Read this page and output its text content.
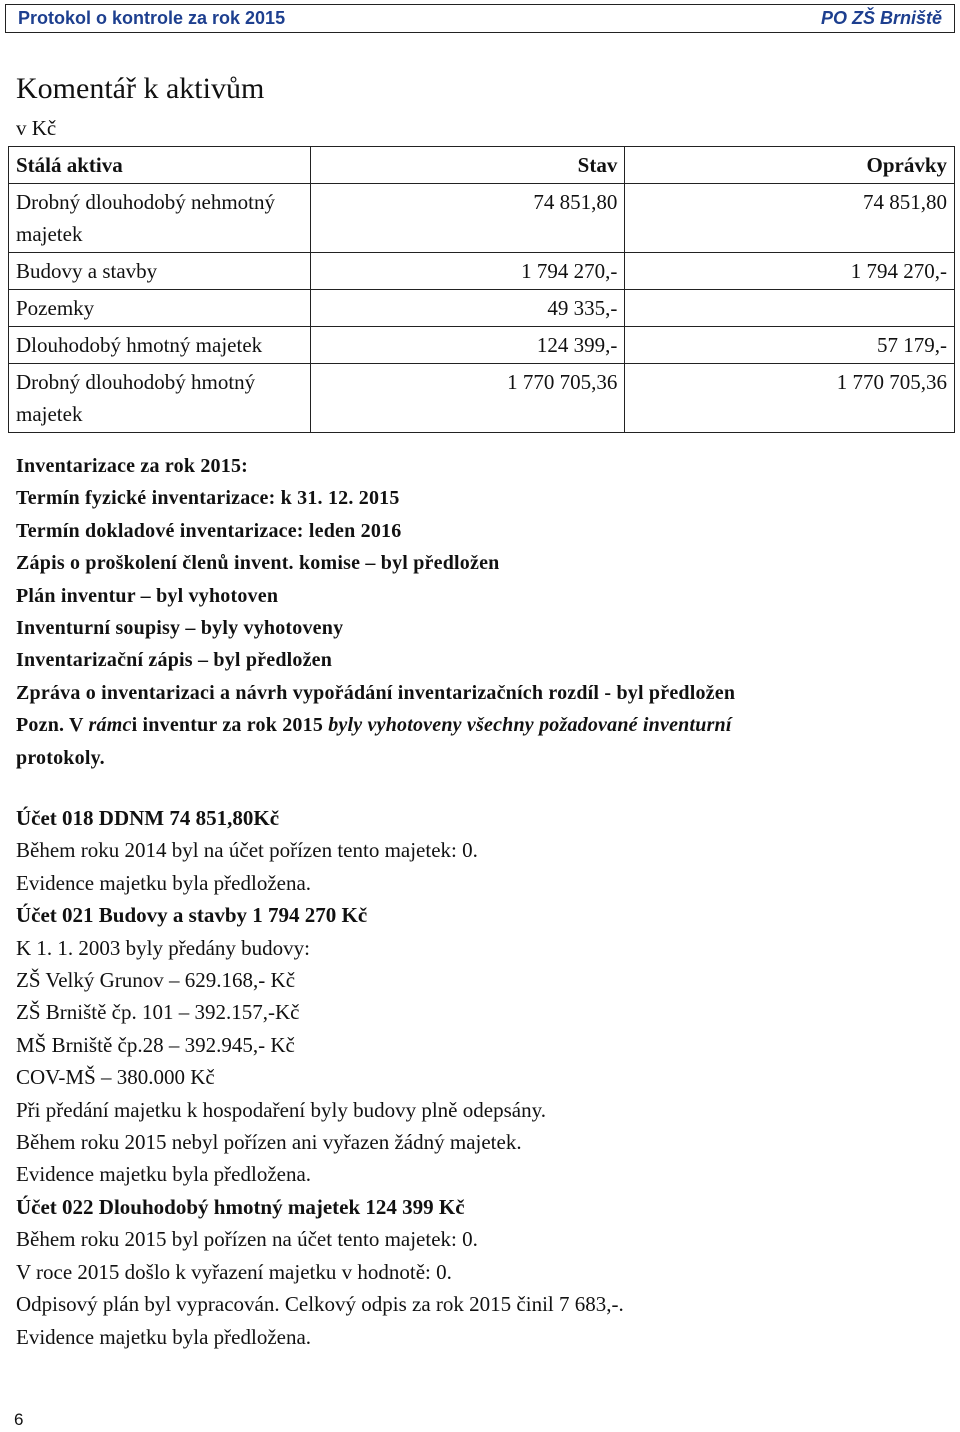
Protokol o kontrole za rok 2015	PO ZŠ Brniště
Komentář k aktivům
v Kč
Stálá aktiva	Stav	Oprávky
Drobný dlouhodobý nehmotný majetek	74 851,80	74 851,80
Budovy a stavby	1 794 270,-	1 794 270,-
Pozemky	49 335,-	
Dlouhodobý hmotný majetek	124 399,-	57 179,-
Drobný dlouhodobý hmotný majetek	1 770 705,36	1 770 705,36

Inventarizace za rok 2015:

Termín fyzické inventarizace: k 31. 12. 2015

Termín dokladové inventarizace: leden 2016

Zápis o proškolení členů invent. komise – byl předložen

Plán inventur – byl vyhotoven

Inventurní soupisy – byly vyhotoveny

Inventarizační zápis – byl předložen

Zpráva o inventarizaci a návrh vypořádání inventarizačních rozdíl - byl předložen

Pozn. V rámci inventur za rok 2015 byly vyhotoveny všechny požadované inventurní

protokoly.

Účet 018 DDNM 74 851,80Kč

Během roku 2014 byl na účet pořízen tento majetek: 0.

Evidence majetku byla předložena.

Účet 021 Budovy a stavby 1 794 270 Kč

K 1. 1. 2003 byly předány budovy:

ZŠ Velký Grunov – 629.168,- Kč

ZŠ Brniště čp. 101 – 392.157,-Kč

MŠ Brniště čp.28 – 392.945,- Kč

COV-MŠ – 380.000 Kč

Při předání majetku k hospodaření byly budovy plně odepsány.

Během roku 2015 nebyl pořízen ani vyřazen žádný majetek.

Evidence majetku byla předložena.

Účet 022 Dlouhodobý hmotný majetek 124 399 Kč

Během roku 2015 byl pořízen na účet tento majetek: 0.

V roce 2015 došlo k vyřazení majetku v hodnotě: 0.

Odpisový plán byl vypracován. Celkový odpis za rok 2015 činil 7 683,-.

Evidence majetku byla předložena.

6
